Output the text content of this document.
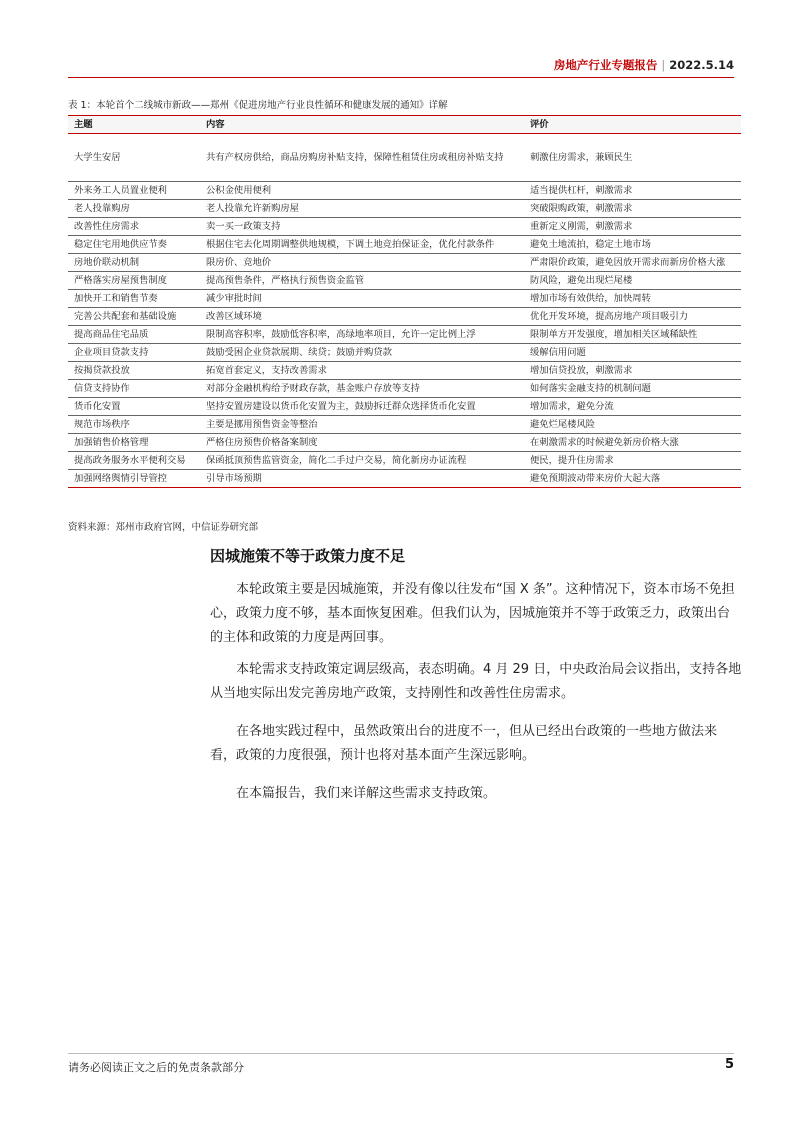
房地产行业专题报告 | 2022.5.14
表 1：本轮首个二线城市新政——郑州《促进房地产行业良性循环和健康发展的通知》详解
主题	内容	评价
大学生安居	共有产权房供给，商品房购房补贴支持，保障性租赁住房或租房补贴支持	刺激住房需求，兼顾民生
外来务工人员置业便利	公积金使用便利	适当提供杠杆，刺激需求
老人投靠购房	老人投靠允许新购房屋	突破限购政策，刺激需求
改善性住房需求	卖一买一政策支持	重新定义刚需，刺激需求
稳定住宅用地供应节奏	根据住宅去化周期调整供地规模，下调土地竞拍保证金，优化付款条件	避免土地流拍，稳定土地市场
房地价联动机制	限房价、竞地价	严肃限价政策，避免因放开需求而新房价格大涨
严格落实房屋预售制度	提高预售条件，严格执行预售资金监管	防风险，避免出现烂尾楼
加快开工和销售节奏	减少审批时间	增加市场有效供给，加快周转
完善公共配套和基础设施	改善区域环境	优化开发环境，提高房地产项目吸引力
提高商品住宅品质	限制高容积率，鼓励低容积率，高绿地率项目，允许一定比例上浮	限制单方开发强度，增加相关区域稀缺性
企业项目贷款支持	鼓励受困企业贷款展期、续贷；鼓励并购贷款	缓解信用问题
按揭贷款投放	拓宽首套定义，支持改善需求	增加信贷投放，刺激需求
信贷支持协作	对部分金融机构给予财政存款，基金账户存放等支持	如何落实金融支持的机制问题
货币化安置	坚持安置房建设以货币化安置为主，鼓励拆迁群众选择货币化安置	增加需求，避免分流
规范市场秩序	主要是挪用预售资金等整治	避免烂尾楼风险
加强销售价格管理	严格住房预售价格备案制度	在刺激需求的时候避免新房价格大涨
提高政务服务水平便利交易	保函抵顶预售监管资金，简化二手过户交易，简化新房办证流程	便民，提升住房需求
加强网络舆情引导管控	引导市场预期	避免预期波动带来房价大起大落
资料来源：郑州市政府官网，中信证券研究部
因城施策不等于政策力度不足

本轮政策主要是因城施策，并没有像以往发布“国 X 条”。这种情况下，资本市场不免担心，政策力度不够，基本面恢复困难。但我们认为，因城施策并不等于政策乏力，政策出台的主体和政策的力度是两回事。

本轮需求支持政策定调层级高，表态明确。4 月 29 日，中央政治局会议指出，支持各地从当地实际出发完善房地产政策，支持刚性和改善性住房需求。

在各地实践过程中，虽然政策出台的进度不一，但从已经出台政策的一些地方做法来看，政策的力度很强，预计也将对基本面产生深远影响。

在本篇报告，我们来详解这些需求支持政策。

请务必阅读正文之后的免责条款部分	5
